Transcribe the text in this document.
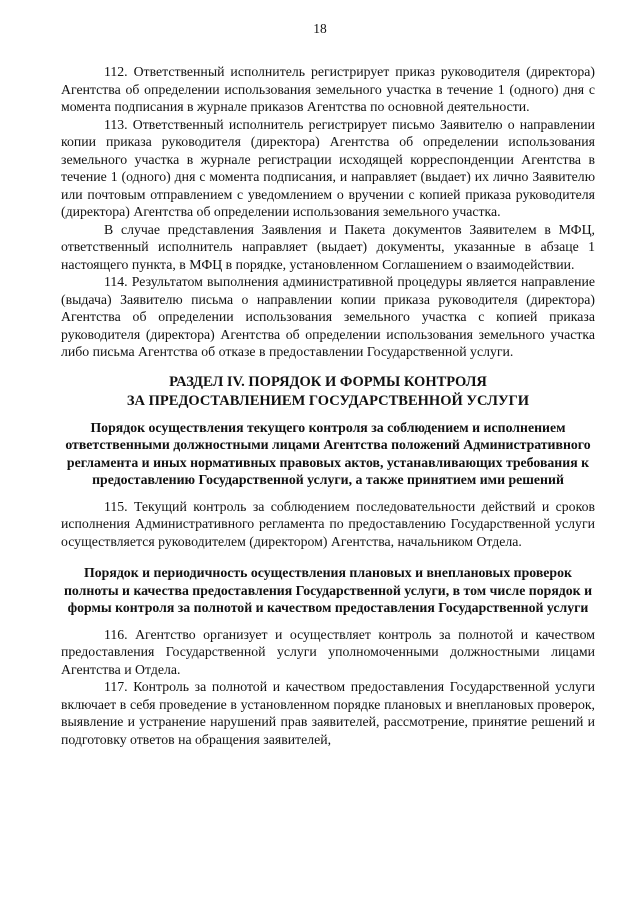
18

112. Ответственный исполнитель регистрирует приказ руководителя (директора) Агентства об определении использования земельного участка в течение 1 (одного) дня с момента подписания в журнале приказов Агентства по основной деятельности.

113. Ответственный исполнитель регистрирует письмо Заявителю о направлении копии приказа руководителя (директора) Агентства об определении использования земельного участка в журнале регистрации исходящей корреспонденции Агентства в течение 1 (одного) дня с момента подписания, и направляет (выдает) их лично Заявителю или почтовым отправлением с уведомлением о вручении с копией приказа руководителя (директора) Агентства об определении использования земельного участка.

В случае представления Заявления и Пакета документов Заявителем в МФЦ, ответственный исполнитель направляет (выдает) документы, указанные в абзаце 1 настоящего пункта, в МФЦ в порядке, установленном Соглашением о взаимодействии.

114. Результатом выполнения административной процедуры является направление (выдача) Заявителю письма о направлении копии приказа руководителя (директора) Агентства об определении использования земельного участка с копией приказа руководителя (директора) Агентства об определении использования земельного участка либо письма Агентства об отказе в предоставлении Государственной услуги.

РАЗДЕЛ IV. ПОРЯДОК И ФОРМЫ КОНТРОЛЯ
ЗА ПРЕДОСТАВЛЕНИЕМ ГОСУДАРСТВЕННОЙ УСЛУГИ

Порядок осуществления текущего контроля за соблюдением и исполнением ответственными должностными лицами Агентства положений Административного регламента и иных нормативных правовых актов, устанавливающих требования к предоставлению Государственной услуги, а также принятием ими решений

115. Текущий контроль за соблюдением последовательности действий и сроков исполнения Административного регламента по предоставлению Государственной услуги осуществляется руководителем (директором) Агентства, начальником Отдела.

Порядок и периодичность осуществления плановых и внеплановых проверок полноты и качества предоставления Государственной услуги, в том числе порядок и формы контроля за полнотой и качеством предоставления Государственной услуги

116. Агентство организует и осуществляет контроль за полнотой и качеством предоставления Государственной услуги уполномоченными должностными лицами Агентства и Отдела.

117. Контроль за полнотой и качеством предоставления Государственной услуги включает в себя проведение в установленном порядке плановых и внеплановых проверок, выявление и устранение нарушений прав заявителей, рассмотрение, принятие решений и подготовку ответов на обращения заявителей,
